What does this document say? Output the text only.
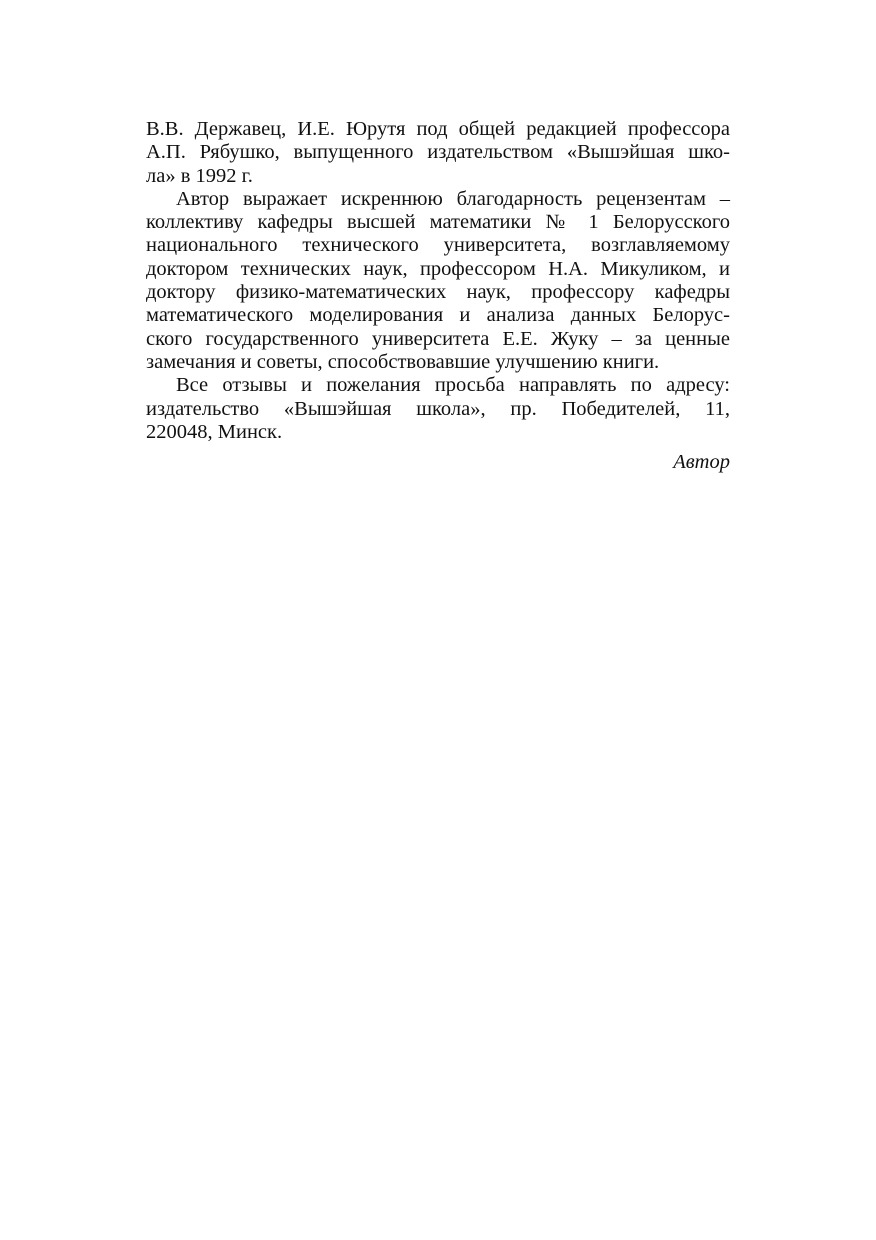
В.В. Державец, И.Е. Юрутя под общей редакцией профессора
А.П. Рябушко, выпущенного издательством «Вышэйшая шко-
ла» в 1992 г.
Автор выражает искреннюю благодарность рецензентам –
коллективу кафедры высшей математики № 1 Белорусского
национального технического университета, возглавляемому
доктором технических наук, профессором Н.А. Микуликом, и
доктору физико-математических наук, профессору кафедры
математического моделирования и анализа данных Белорус-
ского государственного университета Е.Е. Жуку – за ценные
замечания и советы, способствовавшие улучшению книги.
Все отзывы и пожелания просьба направлять по адресу:
издательство «Вышэйшая школа», пр. Победителей, 11,
220048, Минск.
Автор
